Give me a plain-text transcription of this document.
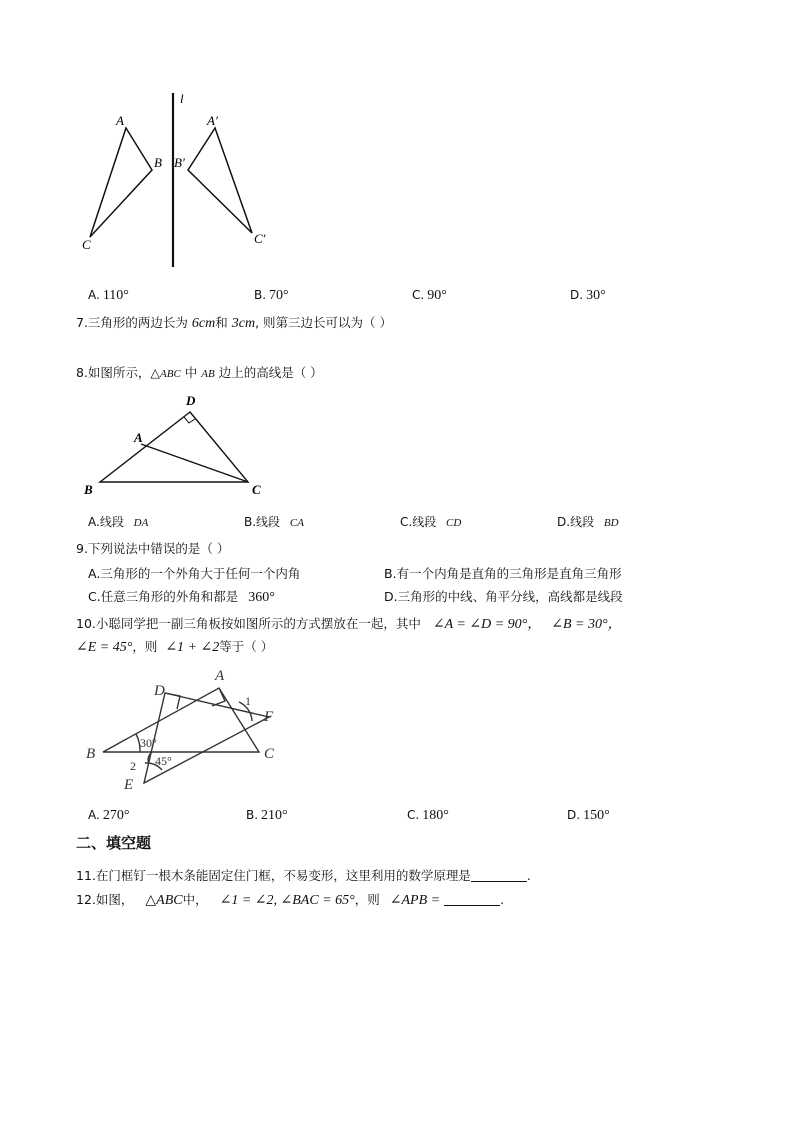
l
A
B
C
A′
B′
C′
A. 110°	B. 70°	C. 90°	D. 30°
7.三角形的两边长为 6cm和 3cm, 则第三边长可以为（ ）
8.如图所示，△ABC 中 AB 边上的高线是（ ）
D
A
B	C
A.线段 DA	B.线段 CA	C.线段 CD	D.线段 BD
9.下列说法中错误的是（ ）
A.三角形的一个外角大于任何一个内角	B.有一个内角是直角的三角形是直角三角形
C.任意三角形的外角和都是 360°	D.三角形的中线、角平分线，高线都是线段
10.小聪同学把一副三角板按如图所示的方式摆放在一起，其中 ∠A = ∠D = 90°， ∠B = 30°，
∠E = 45°，则 ∠1 + ∠2等于（ ）
A
D
F
B	C
E
1
2
30°
45°
A. 270°	B. 210°	C. 180°	D. 150°
二、填空题
11.在门框钉一根木条能固定住门框，不易变形，这里利用的数学原理是	.
12.如图， △ABC中， ∠1 = ∠2, ∠BAC = 65°，则 ∠APB =	.
